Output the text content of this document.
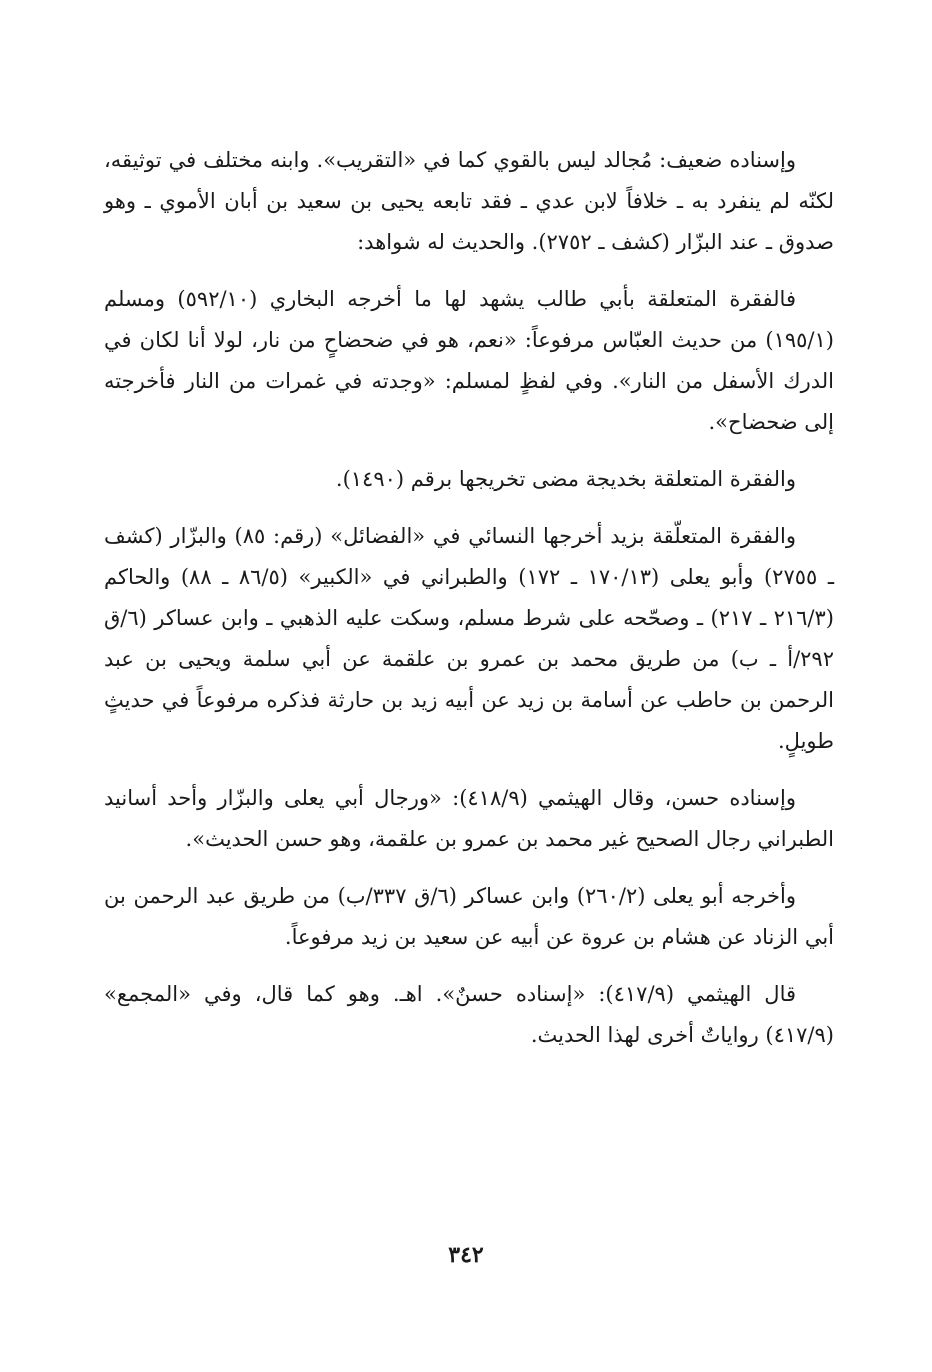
وإسناده ضعيف: مُجالد ليس بالقوي كما في «التقريب». وابنه مختلف في توثيقه، لكنّه لم ينفرد به ـ خلافاً لابن عدي ـ فقد تابعه يحيى بن سعيد بن أبان الأموي ـ وهو صدوق ـ عند البزّار (كشف ـ ٢٧٥٢). والحديث له شواهد:

فالفقرة المتعلقة بأبي طالب يشهد لها ما أخرجه البخاري (٥٩٢/١٠) ومسلم (١٩٥/١) من حديث العبّاس مرفوعاً: «نعم، هو في ضحضاحٍ من نار، لولا أنا لكان في الدرك الأسفل من النار». وفي لفظٍ لمسلم: «وجدته في غمرات من النار فأخرجته إلى ضحضاح».

والفقرة المتعلقة بخديجة مضى تخريجها برقم (١٤٩٠).

والفقرة المتعلّقة بزيد أخرجها النسائي في «الفضائل» (رقم: ٨٥) والبزّار (كشف ـ ٢٧٥٥) وأبو يعلى (١٧٠/١٣ ـ ١٧٢) والطبراني في «الكبير» (٨٦/٥ ـ ٨٨) والحاكم (٢١٦/٣ ـ ٢١٧) ـ وصحّحه على شرط مسلم، وسكت عليه الذهبي ـ وابن عساكر (٦/ق ٢٩٢/أ ـ ب) من طريق محمد بن عمرو بن علقمة عن أبي سلمة ويحيى بن عبد الرحمن بن حاطب عن أسامة بن زيد عن أبيه زيد بن حارثة فذكره مرفوعاً في حديثٍ طويلٍ.

وإسناده حسن، وقال الهيثمي (٤١٨/٩): «ورجال أبي يعلى والبزّار وأحد أسانيد الطبراني رجال الصحيح غير محمد بن عمرو بن علقمة، وهو حسن الحديث».

وأخرجه أبو يعلى (٢٦٠/٢) وابن عساكر (٦/ق ٣٣٧/ب) من طريق عبد الرحمن بن أبي الزناد عن هشام بن عروة عن أبيه عن سعيد بن زيد مرفوعاً.

قال الهيثمي (٤١٧/٩): «إسناده حسنٌ». اهـ. وهو كما قال، وفي «المجمع» (٤١٧/٩) رواياتٌ أخرى لهذا الحديث.

٣٤٢
